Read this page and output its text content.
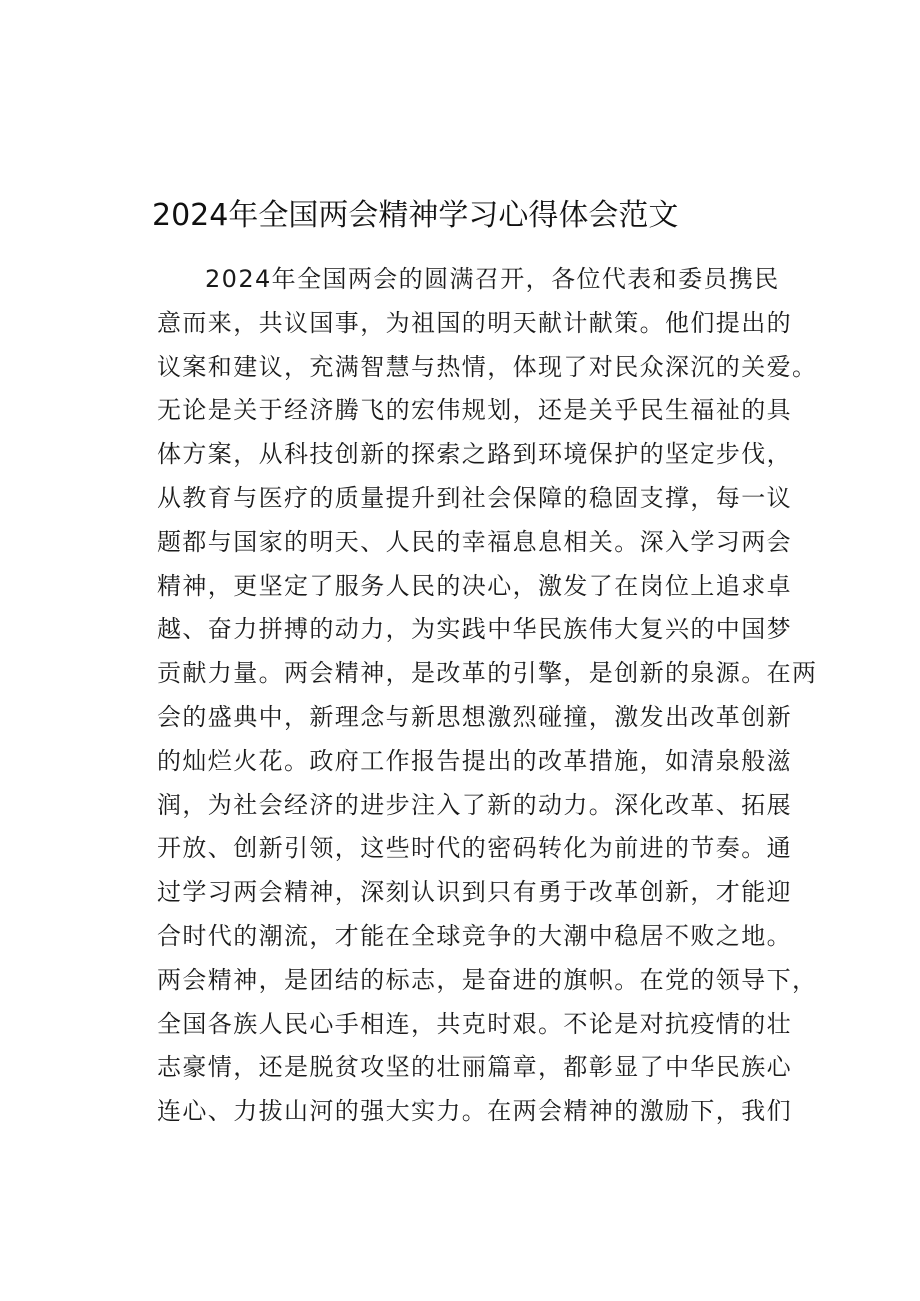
2024年全国两会精神学习心得体会范文
2024年全国两会的圆满召开，各位代表和委员携民
意而来，共议国事，为祖国的明天献计献策。他们提出的
议案和建议，充满智慧与热情，体现了对民众深沉的关爱。
无论是关于经济腾飞的宏伟规划，还是关乎民生福祉的具
体方案，从科技创新的探索之路到环境保护的坚定步伐，
从教育与医疗的质量提升到社会保障的稳固支撑，每一议
题都与国家的明天、人民的幸福息息相关。深入学习两会
精神，更坚定了服务人民的决心，激发了在岗位上追求卓
越、奋力拼搏的动力，为实践中华民族伟大复兴的中国梦
贡献力量。两会精神，是改革的引擎，是创新的泉源。在两
会的盛典中，新理念与新思想激烈碰撞，激发出改革创新
的灿烂火花。政府工作报告提出的改革措施，如清泉般滋
润，为社会经济的进步注入了新的动力。深化改革、拓展
开放、创新引领，这些时代的密码转化为前进的节奏。通
过学习两会精神，深刻认识到只有勇于改革创新，才能迎
合时代的潮流，才能在全球竞争的大潮中稳居不败之地。
两会精神，是团结的标志，是奋进的旗帜。在党的领导下，
全国各族人民心手相连，共克时艰。不论是对抗疫情的壮
志豪情，还是脱贫攻坚的壮丽篇章，都彰显了中华民族心
连心、力拔山河的强大实力。在两会精神的激励下，我们
